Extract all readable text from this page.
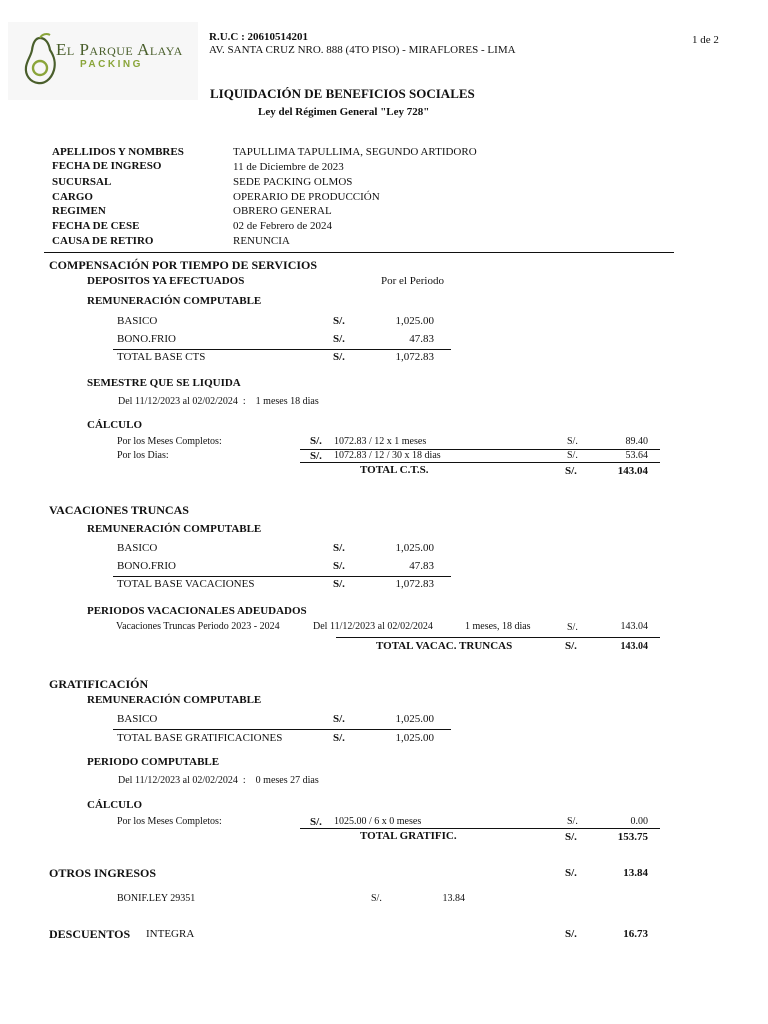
El Parque Alaya
PACKING
R.U.C : 20610514201
AV. SANTA CRUZ NRO. 888 (4TO PISO) - MIRAFLORES - LIMA
1 de 2
LIQUIDACIÓN DE BENEFICIOS SOCIALES
Ley del Régimen General "Ley 728"
APELLIDOS Y NOMBRES	TAPULLIMA TAPULLIMA, SEGUNDO ARTIDORO
FECHA DE INGRESO	11 de Diciembre de 2023
SUCURSAL	SEDE PACKING OLMOS
CARGO	OPERARIO DE PRODUCCIÓN
REGIMEN	OBRERO GENERAL
FECHA DE CESE	02 de Febrero de 2024
CAUSA DE RETIRO	RENUNCIA
COMPENSACIÓN POR TIEMPO DE SERVICIOS
DEPOSITOS YA EFECTUADOS	Por el Periodo
REMUNERACIÓN COMPUTABLE
BASICO	S/.	1,025.00
BONO.FRIO	S/.	47.83
TOTAL BASE CTS	S/.	1,072.83
SEMESTRE QUE SE LIQUIDA
Del 11/12/2023 al 02/02/2024  :    1 meses 18 dias
CÁLCULO
Por los Meses Completos:	S/. 1072.83 / 12 x 1 meses	S/.	89.40
Por los Dias:	S/. 1072.83 / 12 / 30 x 18 dias	S/.	53.64
TOTAL C.T.S.	S/.	143.04
VACACIONES TRUNCAS
REMUNERACIÓN COMPUTABLE
BASICO	S/.	1,025.00
BONO.FRIO	S/.	47.83
TOTAL BASE VACACIONES	S/.	1,072.83
PERIODOS VACACIONALES ADEUDADOS
Vacaciones Truncas Periodo 2023 - 2024	Del 11/12/2023 al 02/02/2024	1 meses, 18 dias	S/.	143.04
TOTAL VACAC. TRUNCAS	S/.	143.04
GRATIFICACIÓN
REMUNERACIÓN COMPUTABLE
BASICO	S/.	1,025.00
TOTAL BASE GRATIFICACIONES	S/.	1,025.00
PERIODO COMPUTABLE
Del 11/12/2023 al 02/02/2024  :    0 meses 27 dias
CÁLCULO
Por los Meses Completos:	S/. 1025.00 / 6 x 0 meses	S/.	0.00
TOTAL GRATIFIC.	S/.	153.75
OTROS INGRESOS	S/.	13.84
BONIF.LEY 29351	S/.	13.84
DESCUENTOS INTEGRA	S/.	16.73
